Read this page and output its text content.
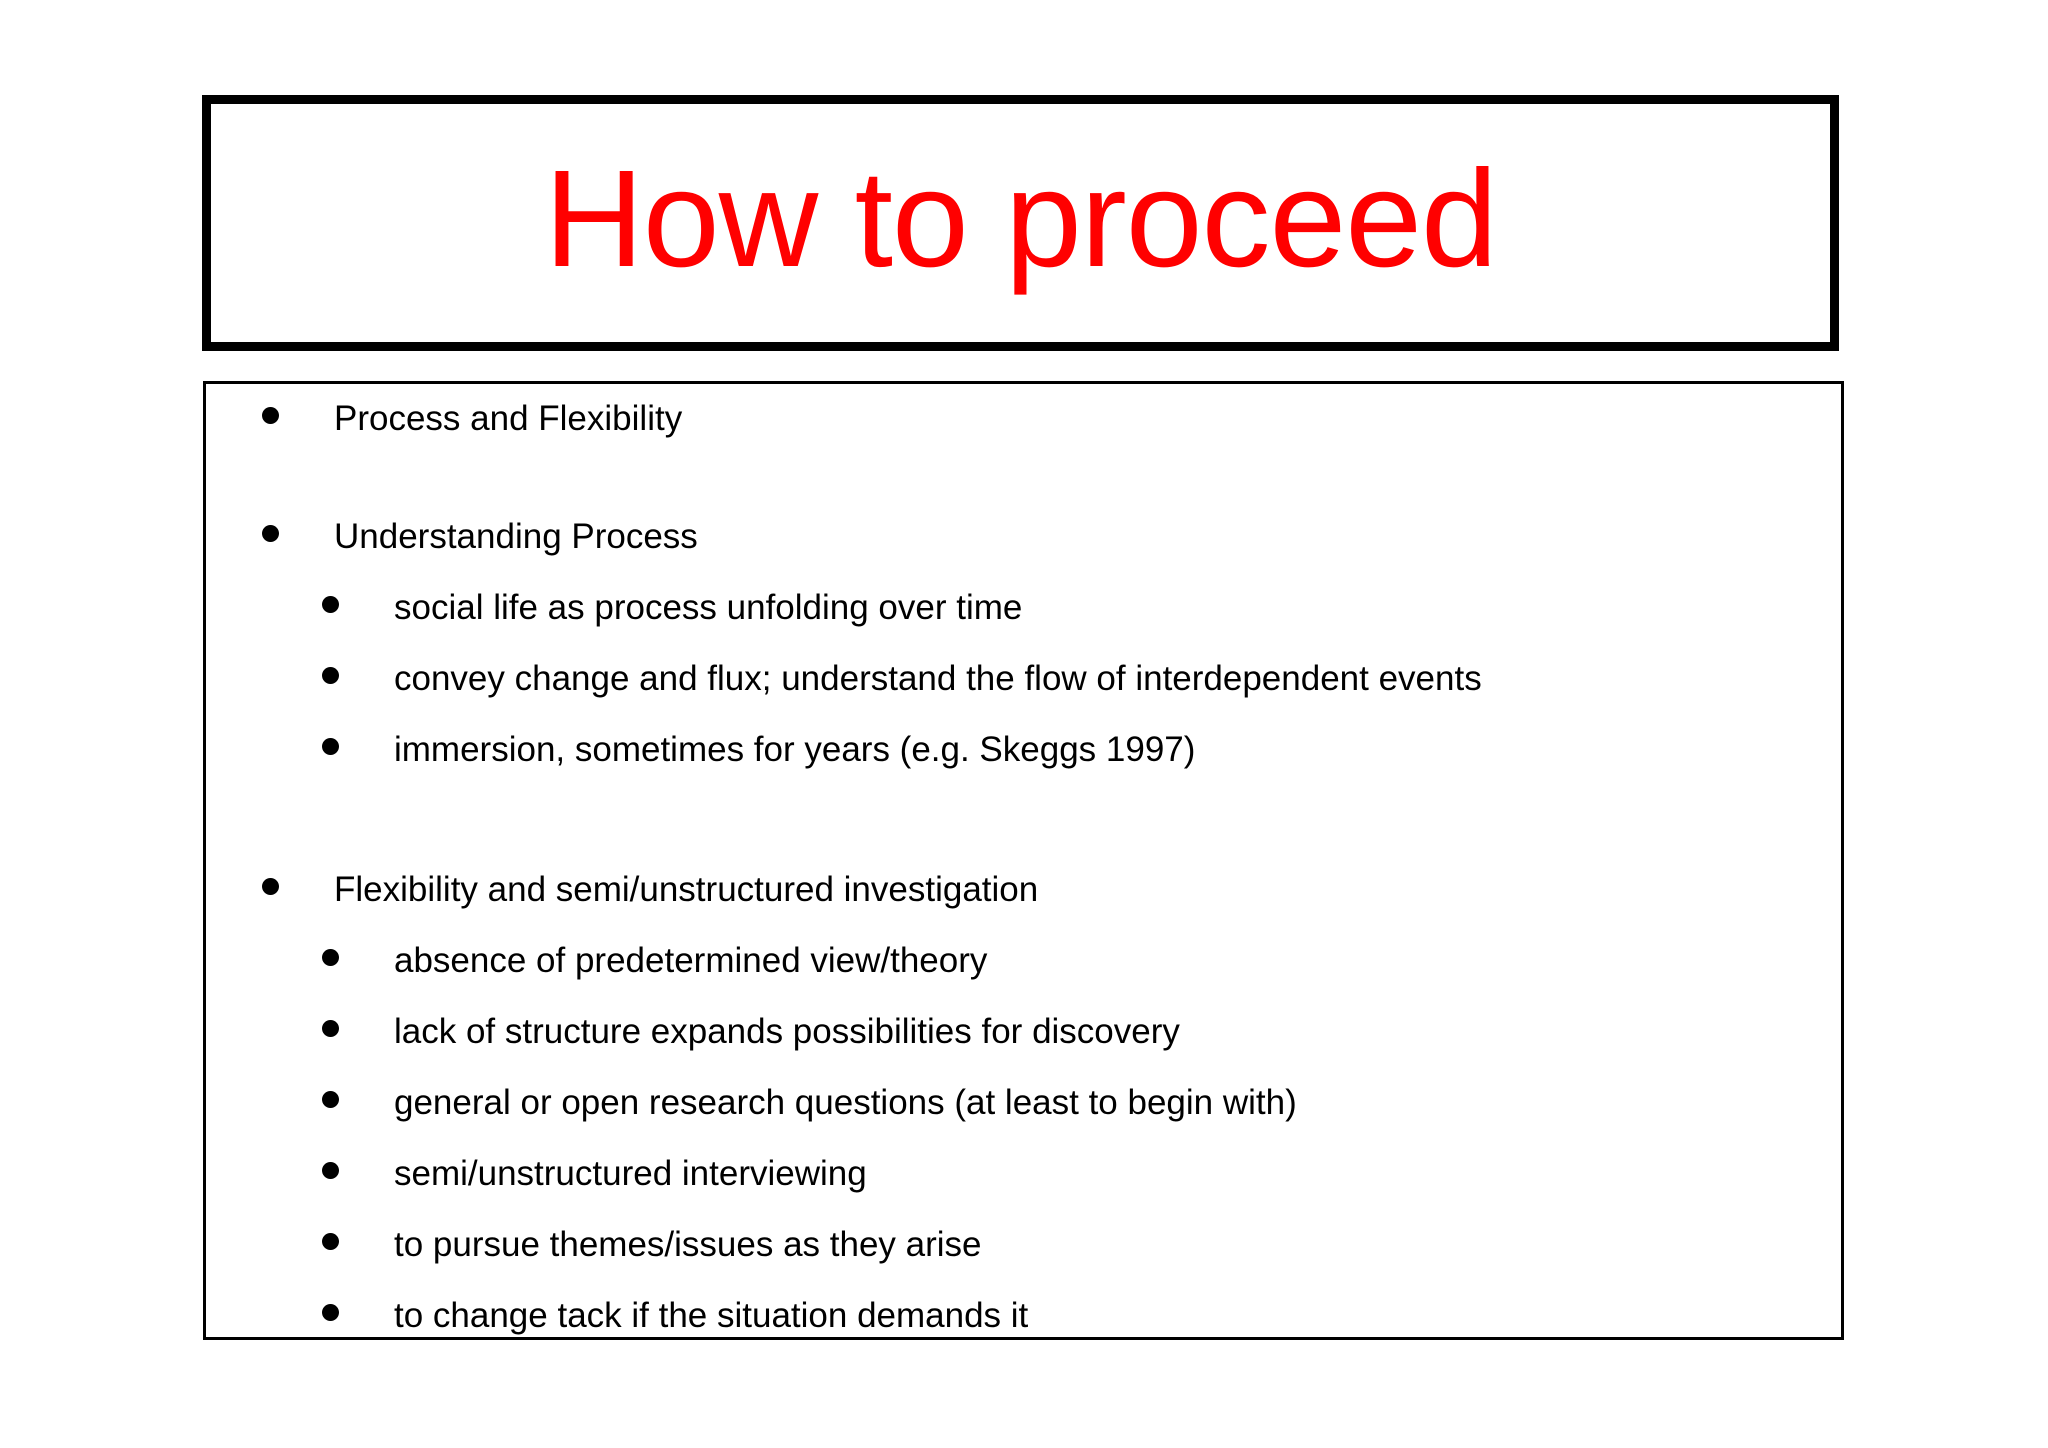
How to proceed
Process and Flexibility
Understanding Process
social life as process unfolding over time
convey change and flux; understand the flow of interdependent events
immersion, sometimes for years (e.g. Skeggs 1997)
Flexibility and semi/unstructured investigation
absence of predetermined view/theory
lack of structure expands possibilities for discovery
general or open research questions (at least to begin with)
semi/unstructured interviewing
to pursue themes/issues as they arise
to change tack if the situation demands it
